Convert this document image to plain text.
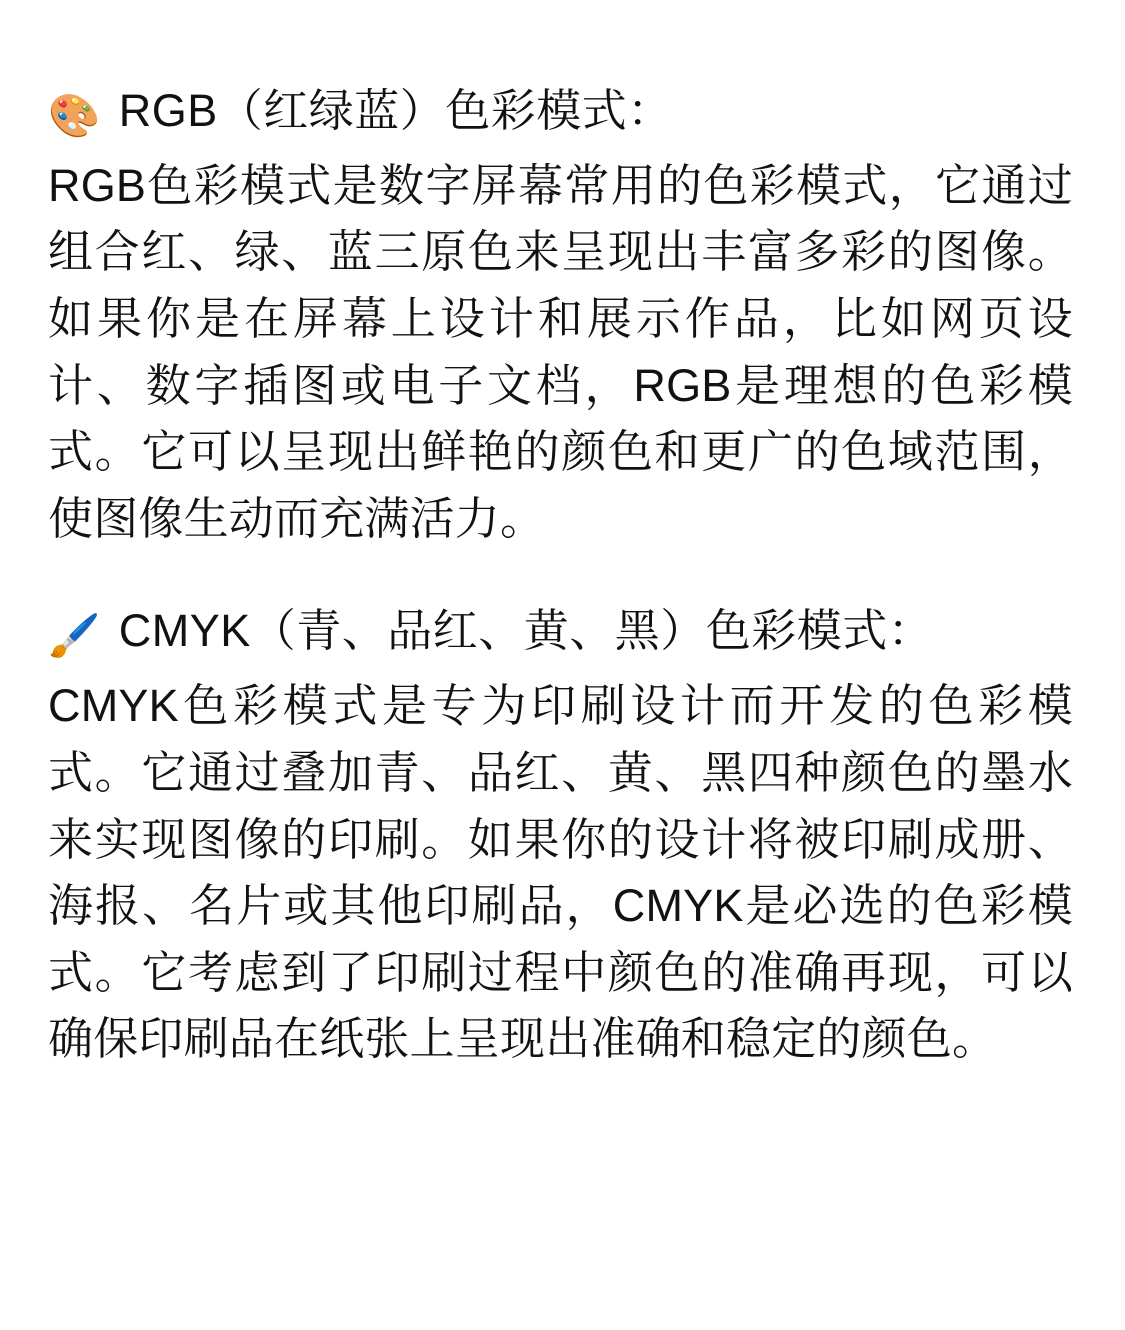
🎨 RGB（红绿蓝）色彩模式：

RGB色彩模式是数字屏幕常用的色彩模式，它通过组合红、绿、蓝三原色来呈现出丰富多彩的图像。如果你是在屏幕上设计和展示作品，比如网页设计、数字插图或电子文档，RGB是理想的色彩模式。它可以呈现出鲜艳的颜色和更广的色域范围，使图像生动而充满活力。

🖌️ CMYK（青、品红、黄、黑）色彩模式：

CMYK色彩模式是专为印刷设计而开发的色彩模式。它通过叠加青、品红、黄、黑四种颜色的墨水来实现图像的印刷。如果你的设计将被印刷成册、海报、名片或其他印刷品，CMYK是必选的色彩模式。它考虑到了印刷过程中颜色的准确再现，可以确保印刷品在纸张上呈现出准确和稳定的颜色。
